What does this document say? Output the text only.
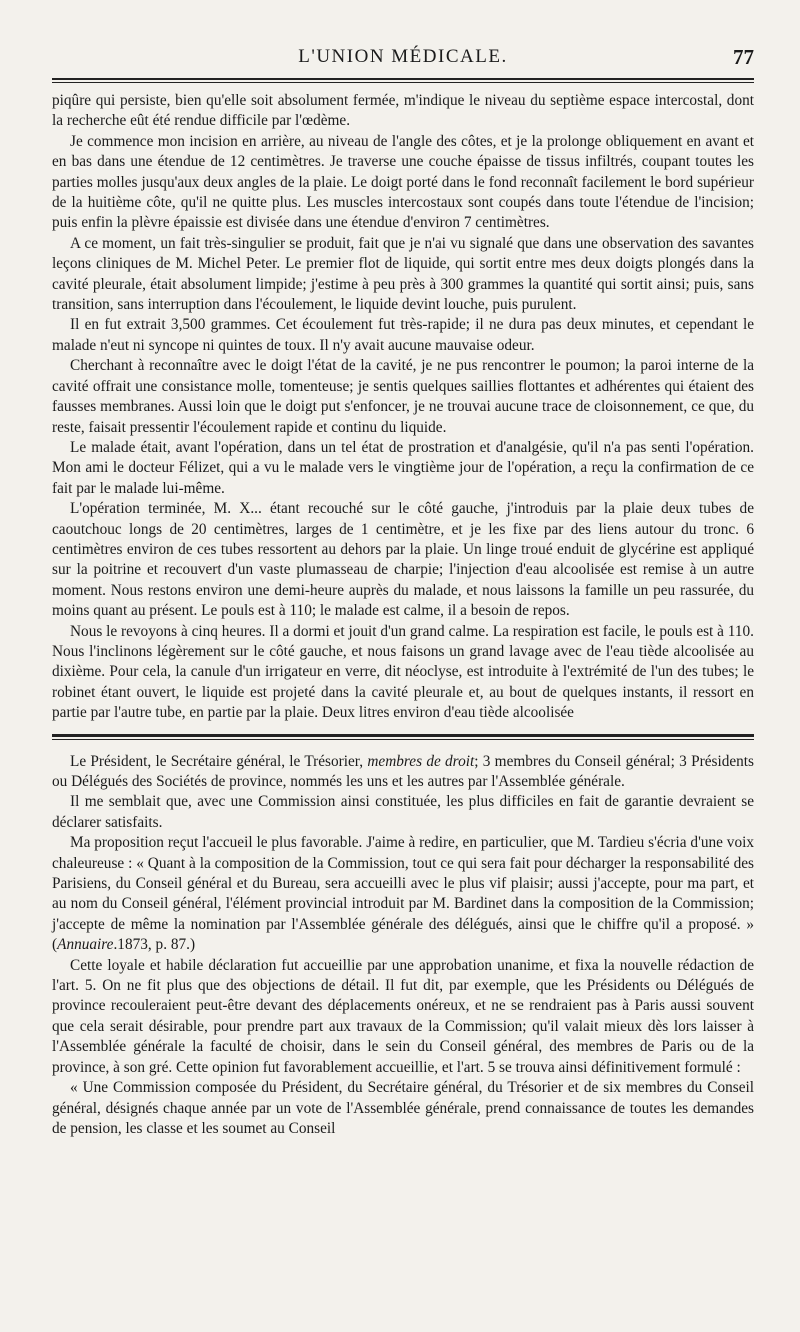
L'UNION MÉDICALE.	77

piqûre qui persiste, bien qu'elle soit absolument fermée, m'indique le niveau du septième espace intercostal, dont la recherche eût été rendue difficile par l'œdème.

Je commence mon incision en arrière, au niveau de l'angle des côtes, et je la prolonge obliquement en avant et en bas dans une étendue de 12 centimètres. Je traverse une couche épaisse de tissus infiltrés, coupant toutes les parties molles jusqu'aux deux angles de la plaie. Le doigt porté dans le fond reconnaît facilement le bord supérieur de la huitième côte, qu'il ne quitte plus. Les muscles intercostaux sont coupés dans toute l'étendue de l'incision; puis enfin la plèvre épaissie est divisée dans une étendue d'environ 7 centimètres.

A ce moment, un fait très-singulier se produit, fait que je n'ai vu signalé que dans une observation des savantes leçons cliniques de M. Michel Peter. Le premier flot de liquide, qui sortit entre mes deux doigts plongés dans la cavité pleurale, était absolument limpide; j'estime à peu près à 300 grammes la quantité qui sortit ainsi; puis, sans transition, sans interruption dans l'écoulement, le liquide devint louche, puis purulent.

Il en fut extrait 3,500 grammes. Cet écoulement fut très-rapide; il ne dura pas deux minutes, et cependant le malade n'eut ni syncope ni quintes de toux. Il n'y avait aucune mauvaise odeur.

Cherchant à reconnaître avec le doigt l'état de la cavité, je ne pus rencontrer le poumon; la paroi interne de la cavité offrait une consistance molle, tomenteuse; je sentis quelques saillies flottantes et adhérentes qui étaient des fausses membranes. Aussi loin que le doigt put s'enfoncer, je ne trouvai aucune trace de cloisonnement, ce que, du reste, faisait pressentir l'écoulement rapide et continu du liquide.

Le malade était, avant l'opération, dans un tel état de prostration et d'analgésie, qu'il n'a pas senti l'opération. Mon ami le docteur Félizet, qui a vu le malade vers le vingtième jour de l'opération, a reçu la confirmation de ce fait par le malade lui-même.

L'opération terminée, M. X... étant recouché sur le côté gauche, j'introduis par la plaie deux tubes de caoutchouc longs de 20 centimètres, larges de 1 centimètre, et je les fixe par des liens autour du tronc. 6 centimètres environ de ces tubes ressortent au dehors par la plaie. Un linge troué enduit de glycérine est appliqué sur la poitrine et recouvert d'un vaste plumasseau de charpie; l'injection d'eau alcoolisée est remise à un autre moment. Nous restons environ une demi-heure auprès du malade, et nous laissons la famille un peu rassurée, du moins quant au présent. Le pouls est à 110; le malade est calme, il a besoin de repos.

Nous le revoyons à cinq heures. Il a dormi et jouit d'un grand calme. La respiration est facile, le pouls est à 110. Nous l'inclinons légèrement sur le côté gauche, et nous faisons un grand lavage avec de l'eau tiède alcoolisée au dixième. Pour cela, la canule d'un irrigateur en verre, dit néoclyse, est introduite à l'extrémité de l'un des tubes; le robinet étant ouvert, le liquide est projeté dans la cavité pleurale et, au bout de quelques instants, il ressort en partie par l'autre tube, en partie par la plaie. Deux litres environ d'eau tiède alcoolisée

Le Président, le Secrétaire général, le Trésorier, membres de droit; 3 membres du Conseil général; 3 Présidents ou Délégués des Sociétés de province, nommés les uns et les autres par l'Assemblée générale.

Il me semblait que, avec une Commission ainsi constituée, les plus difficiles en fait de garantie devraient se déclarer satisfaits.

Ma proposition reçut l'accueil le plus favorable. J'aime à redire, en particulier, que M. Tardieu s'écria d'une voix chaleureuse : « Quant à la composition de la Commission, tout ce qui sera fait pour décharger la responsabilité des Parisiens, du Conseil général et du Bureau, sera accueilli avec le plus vif plaisir; aussi j'accepte, pour ma part, et au nom du Conseil général, l'élément provincial introduit par M. Bardinet dans la composition de la Commission; j'accepte de même la nomination par l'Assemblée générale des délégués, ainsi que le chiffre qu'il a proposé. » (Annuaire.1873, p. 87.)

Cette loyale et habile déclaration fut accueillie par une approbation unanime, et fixa la nouvelle rédaction de l'art. 5. On ne fit plus que des objections de détail. Il fut dit, par exemple, que les Présidents ou Délégués de province recouleraient peut-être devant des déplacements onéreux, et ne se rendraient pas à Paris aussi souvent que cela serait désirable, pour prendre part aux travaux de la Commission; qu'il valait mieux dès lors laisser à l'Assemblée générale la faculté de choisir, dans le sein du Conseil général, des membres de Paris ou de la province, à son gré. Cette opinion fut favorablement accueillie, et l'art. 5 se trouva ainsi définitivement formulé :

« Une Commission composée du Président, du Secrétaire général, du Trésorier et de six membres du Conseil général, désignés chaque année par un vote de l'Assemblée générale, prend connaissance de toutes les demandes de pension, les classe et les soumet au Conseil
